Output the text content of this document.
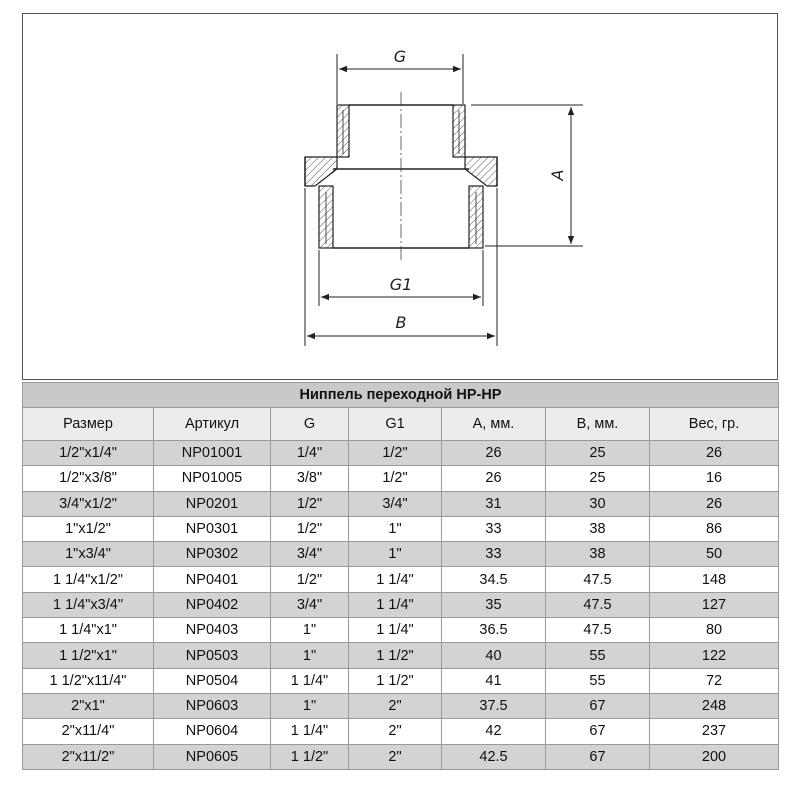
G
A
G1
B
Ниппель переходной НР-НР						
Размер	Артикул	G	G1	A, мм.	B, мм.	Вес, гр.
1/2"x1/4"	NP01001	1/4"	1/2"	26	25	26
1/2"x3/8"	NP01005	3/8"	1/2"	26	25	16
3/4"x1/2"	NP0201	1/2"	3/4"	31	30	26
1"x1/2"	NP0301	1/2"	1"	33	38	86
1"x3/4"	NP0302	3/4"	1"	33	38	50
1 1/4"x1/2"	NP0401	1/2"	1 1/4"	34.5	47.5	148
1 1/4"x3/4"	NP0402	3/4"	1 1/4"	35	47.5	127
1 1/4"x1"	NP0403	1"	1 1/4"	36.5	47.5	80
1 1/2"x1"	NP0503	1"	1 1/2"	40	55	122
1 1/2"x11/4"	NP0504	1 1/4"	1 1/2"	41	55	72
2"x1"	NP0603	1"	2"	37.5	67	248
2"x11/4"	NP0604	1 1/4"	2"	42	67	237
2"x11/2"	NP0605	1 1/2"	2"	42.5	67	200
